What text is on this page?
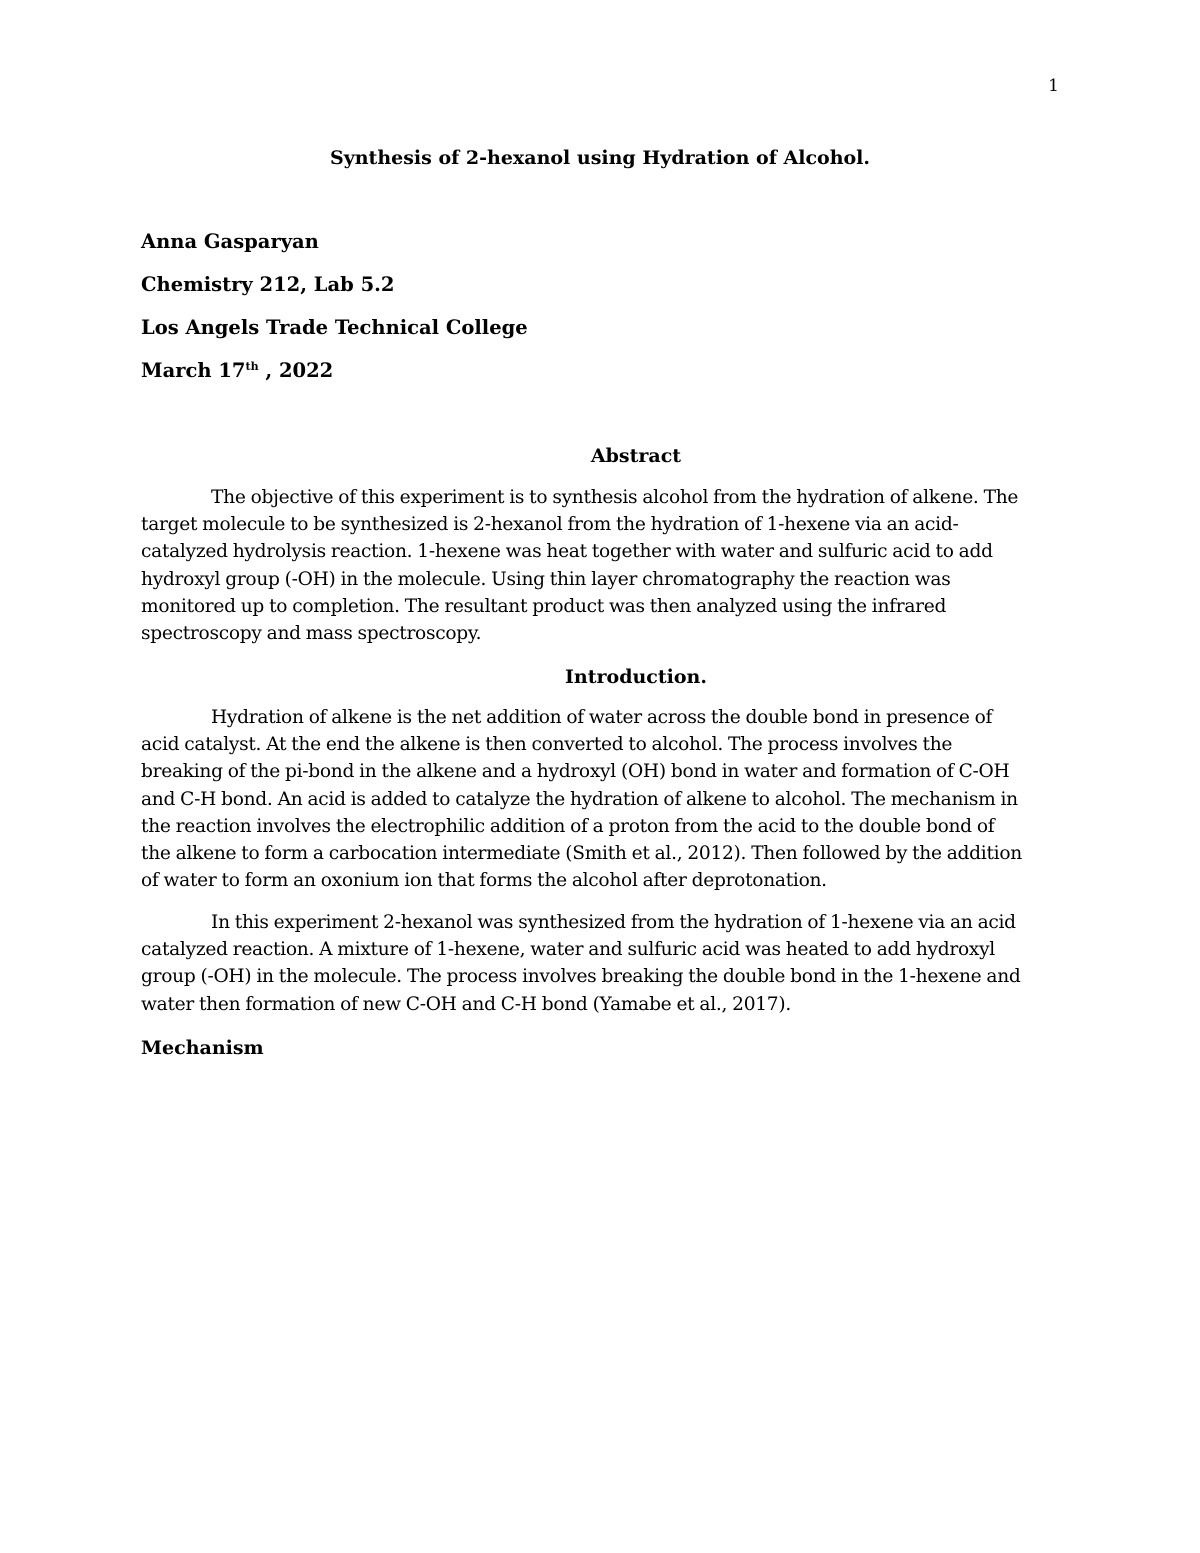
1
Synthesis of 2-hexanol using Hydration of Alcohol.
Anna Gasparyan
Chemistry 212, Lab 5.2
Los Angels Trade Technical College
March 17th , 2022
Abstract
The objective of this experiment is to synthesis alcohol from the hydration of alkene. The
target molecule to be synthesized is 2-hexanol from the hydration of 1-hexene via an acid-
catalyzed hydrolysis reaction. 1-hexene was heat together with water and sulfuric acid to add
hydroxyl group (-OH) in the molecule. Using thin layer chromatography the reaction was
monitored up to completion. The resultant product was then analyzed using the infrared
spectroscopy and mass spectroscopy.
Introduction.
Hydration of alkene is the net addition of water across the double bond in presence of
acid catalyst. At the end the alkene is then converted to alcohol. The process involves the
breaking of the pi-bond in the alkene and a hydroxyl (OH) bond in water and formation of C-OH
and C-H bond. An acid is added to catalyze the hydration of alkene to alcohol. The mechanism in
the reaction involves the electrophilic addition of a proton from the acid to the double bond of
the alkene to form a carbocation intermediate (Smith et al., 2012). Then followed by the addition
of water to form an oxonium ion that forms the alcohol after deprotonation.
In this experiment 2-hexanol was synthesized from the hydration of 1-hexene via an acid
catalyzed reaction. A mixture of 1-hexene, water and sulfuric acid was heated to add hydroxyl
group (-OH) in the molecule. The process involves breaking the double bond in the 1-hexene and
water then formation of new C-OH and C-H bond (Yamabe et al., 2017).
Mechanism
